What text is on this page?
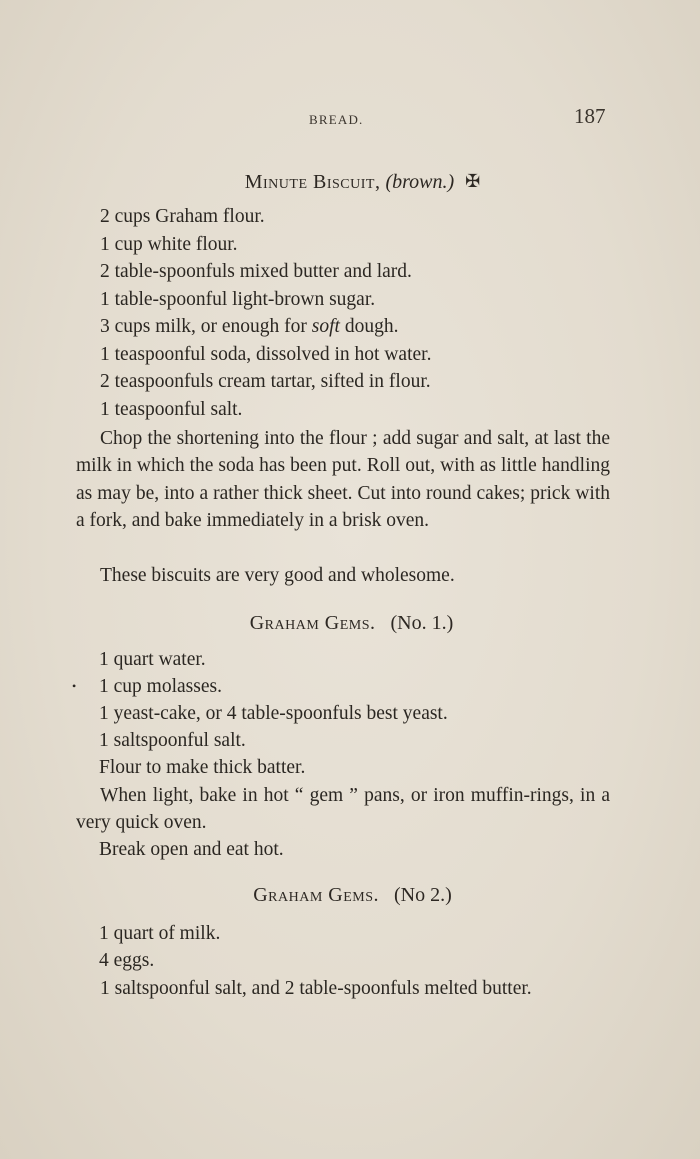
BREAD.	187
Minute Biscuit, (brown.) ✠
2 cups Graham flour.
1 cup white flour.
2 table-spoonfuls mixed butter and lard.
1 table-spoonful light-brown sugar.
3 cups milk, or enough for soft dough.
1 teaspoonful soda, dissolved in hot water.
2 teaspoonfuls cream tartar, sifted in flour.
1 teaspoonful salt.

Chop the shortening into the flour ; add sugar and salt, at last the milk in which the soda has been put. Roll out, with as little handling as may be, into a rather thick sheet. Cut into round cakes; prick with a fork, and bake immediately in a brisk oven.

These biscuits are very good and wholesome.
Graham Gems. (No. 1.)
1 quart water.
• 1 cup molasses.
1 yeast-cake, or 4 table-spoonfuls best yeast.
1 saltspoonful salt.
Flour to make thick batter.

When light, bake in hot “ gem ” pans, or iron muffin-rings, in a very quick oven.

Break open and eat hot.
Graham Gems. (No 2.)
1 quart of milk.
4 eggs.

1 saltspoonful salt, and 2 table-spoonfuls melted butter.
